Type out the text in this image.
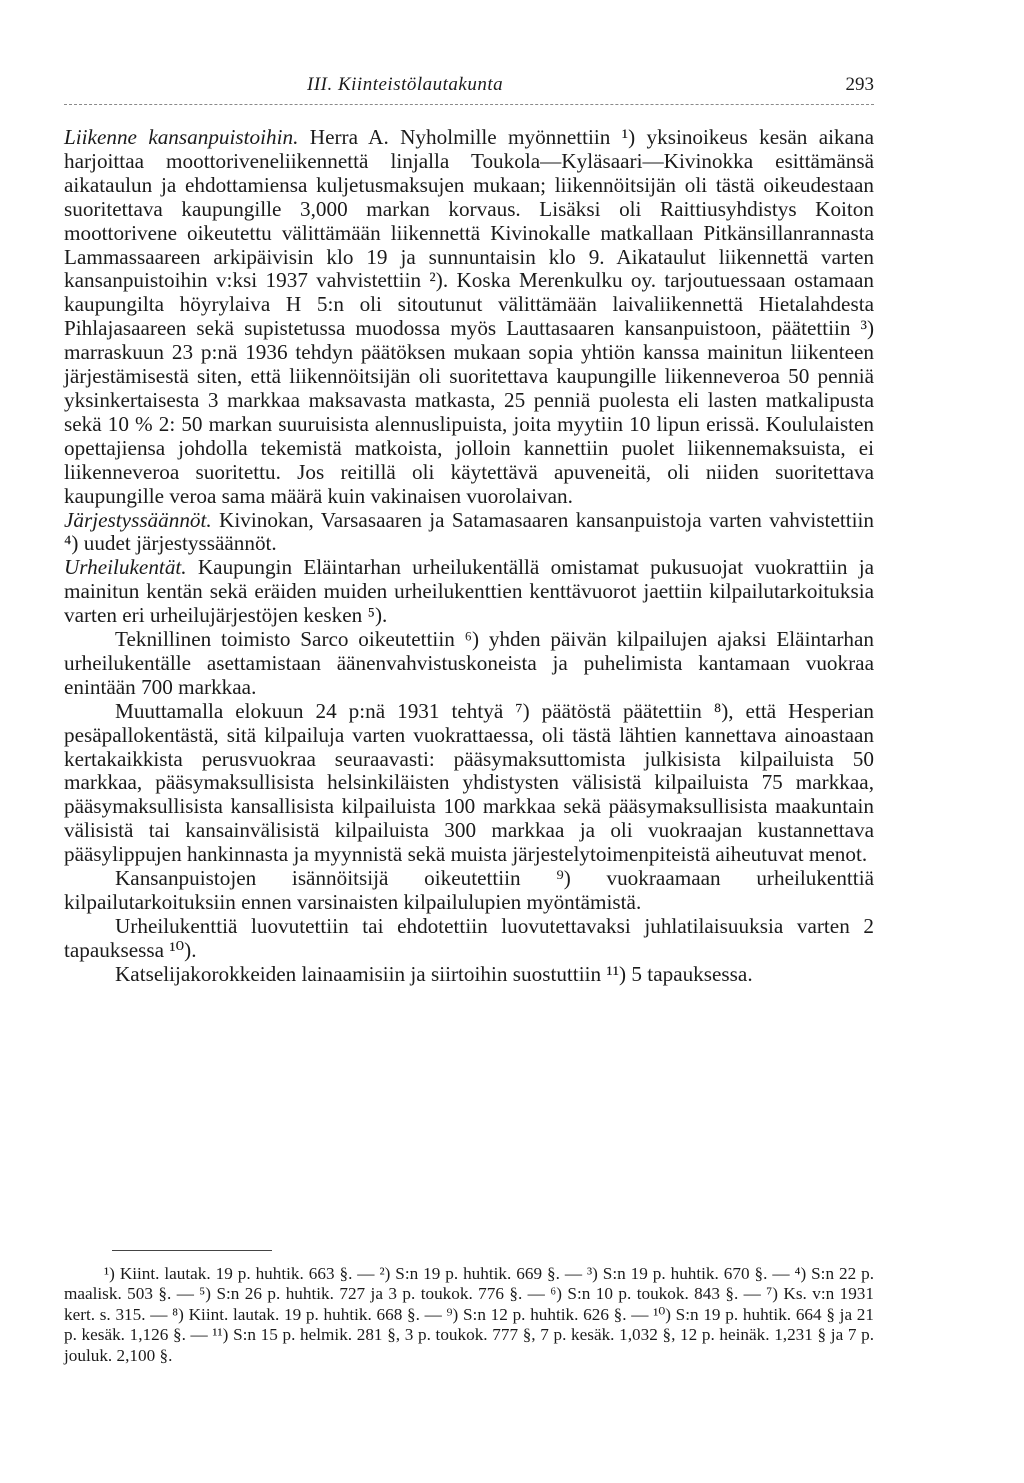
III. Kiinteistölautakunta	293

Liikenne kansanpuistoihin. Herra A. Nyholmille myönnettiin ¹) yksinoikeus kesän aikana harjoittaa moottoriveneliikennettä linjalla Toukola—Kyläsaari—Kivinokka esittämänsä aikataulun ja ehdottamiensa kuljetusmaksujen mukaan; liikennöitsijän oli tästä oikeudestaan suoritettava kaupungille 3,000 markan korvaus. Lisäksi oli Raittiusyhdistys Koiton moottorivene oikeutettu välittämään liikennettä Kivinokalle matkallaan Pitkänsillanrannasta Lammassaareen arkipäivisin klo 19 ja sunnuntaisin klo 9. Aikataulut liikennettä varten kansanpuistoihin v:ksi 1937 vahvistettiin ²). Koska Merenkulku oy. tarjoutuessaan ostamaan kaupungilta höyrylaiva H 5:n oli sitoutunut välittämään laivaliikennettä Hietalahdesta Pihlajasaareen sekä supistetussa muodossa myös Lauttasaaren kansanpuistoon, päätettiin ³) marraskuun 23 p:nä 1936 tehdyn päätöksen mukaan sopia yhtiön kanssa mainitun liikenteen järjestämisestä siten, että liikennöitsijän oli suoritettava kaupungille liikenneveroa 50 penniä yksinkertaisesta 3 markkaa maksavasta matkasta, 25 penniä puolesta eli lasten matkalipusta sekä 10 % 2: 50 markan suuruisista alennuslipuista, joita myytiin 10 lipun erissä. Koululaisten opettajiensa johdolla tekemistä matkoista, jolloin kannettiin puolet liikennemaksuista, ei liikenneveroa suoritettu. Jos reitillä oli käytettävä apuveneitä, oli niiden suoritettava kaupungille veroa sama määrä kuin vakinaisen vuorolaivan.

Järjestyssäännöt. Kivinokan, Varsasaaren ja Satamasaaren kansanpuistoja varten vahvistettiin ⁴) uudet järjestyssäännöt.

Urheilukentät. Kaupungin Eläintarhan urheilukentällä omistamat pukusuojat vuokrattiin ja mainitun kentän sekä eräiden muiden urheilukenttien kenttävuorot jaettiin kilpailutarkoituksia varten eri urheilujärjestöjen kesken ⁵).

Teknillinen toimisto Sarco oikeutettiin ⁶) yhden päivän kilpailujen ajaksi Eläintarhan urheilukentälle asettamistaan äänenvahvistuskoneista ja puhelimista kantamaan vuokraa enintään 700 markkaa.

Muuttamalla elokuun 24 p:nä 1931 tehtyä ⁷) päätöstä päätettiin ⁸), että Hesperian pesäpallokentästä, sitä kilpailuja varten vuokrattaessa, oli tästä lähtien kannettava ainoastaan kertakaikkista perusvuokraa seuraavasti: pääsymaksuttomista julkisista kilpailuista 50 markkaa, pääsymaksullisista helsinkiläisten yhdistysten välisistä kilpailuista 75 markkaa, pääsymaksullisista kansallisista kilpailuista 100 markkaa sekä pääsymaksullisista maakuntain välisistä tai kansainvälisistä kilpailuista 300 markkaa ja oli vuokraajan kustannettava pääsylippujen hankinnasta ja myynnistä sekä muista järjestelytoimenpiteistä aiheutuvat menot.

Kansanpuistojen isännöitsijä oikeutettiin ⁹) vuokraamaan urheilukenttiä kilpailutarkoituksiin ennen varsinaisten kilpailulupien myöntämistä.

Urheilukenttiä luovutettiin tai ehdotettiin luovutettavaksi juhlatilaisuuksia varten 2 tapauksessa ¹⁰).

Katselijakorokkeiden lainaamisiin ja siirtoihin suostuttiin ¹¹) 5 tapauksessa.

¹) Kiint. lautak. 19 p. huhtik. 663 §. — ²) S:n 19 p. huhtik. 669 §. — ³) S:n 19 p. huhtik. 670 §. — ⁴) S:n 22 p. maalisk. 503 §. — ⁵) S:n 26 p. huhtik. 727 ja 3 p. toukok. 776 §. — ⁶) S:n 10 p. toukok. 843 §. — ⁷) Ks. v:n 1931 kert. s. 315. — ⁸) Kiint. lautak. 19 p. huhtik. 668 §. — ⁹) S:n 12 p. huhtik. 626 §. — ¹⁰) S:n 19 p. huhtik. 664 § ja 21 p. kesäk. 1,126 §. — ¹¹) S:n 15 p. helmik. 281 §, 3 p. toukok. 777 §, 7 p. kesäk. 1,032 §, 12 p. heinäk. 1,231 § ja 7 p. jouluk. 2,100 §.
